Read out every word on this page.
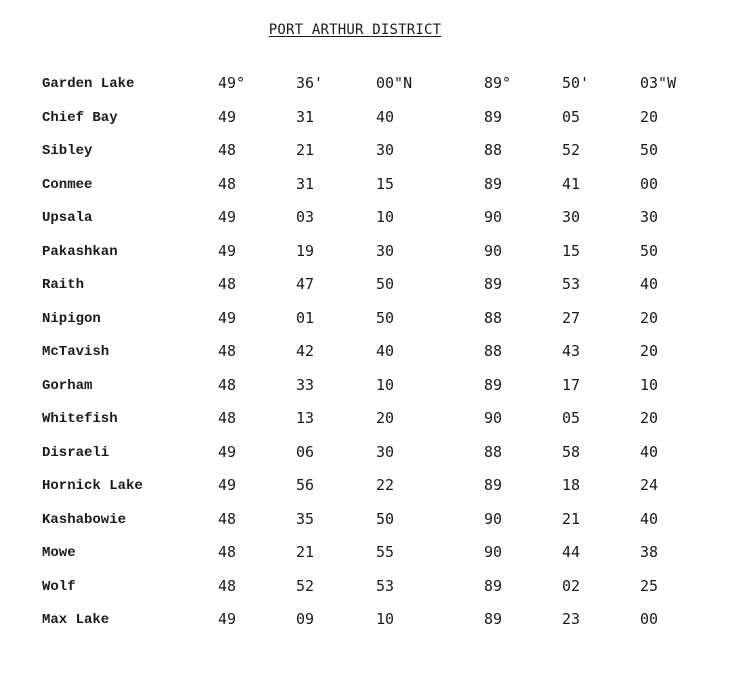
PORT ARTHUR DISTRICT
Garden Lake	49°	36'	00"N	89°	50'	03"W
Chief Bay	49	31	40	89	05	20
Sibley	48	21	30	88	52	50
Conmee	48	31	15	89	41	00
Upsala	49	03	10	90	30	30
Pakashkan	49	19	30	90	15	50
Raith	48	47	50	89	53	40
Nipigon	49	01	50	88	27	20
McTavish	48	42	40	88	43	20
Gorham	48	33	10	89	17	10
Whitefish	48	13	20	90	05	20
Disraeli	49	06	30	88	58	40
Hornick Lake	49	56	22	89	18	24
Kashabowie	48	35	50	90	21	40
Mowe	48	21	55	90	44	38
Wolf	48	52	53	89	02	25
Max Lake	49	09	10	89	23	00
